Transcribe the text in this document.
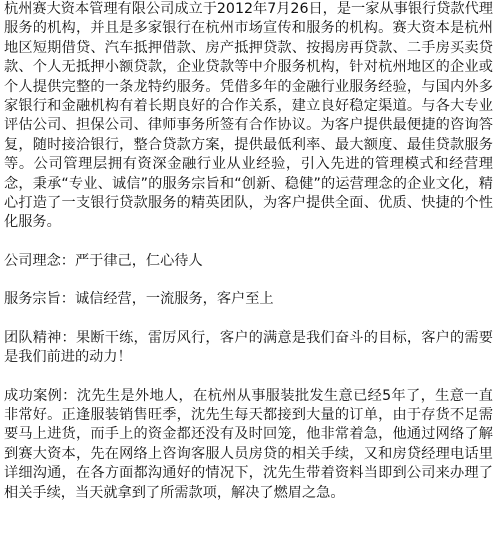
杭州赛大资本管理有限公司成立于2012年7月26日，是一家从事银行贷款代理服务的机构，并且是多家银行在杭州市场宣传和服务的机构。赛大资本是杭州地区短期借贷、汽车抵押借款、房产抵押贷款、按揭房再贷款、二手房买卖贷款、个人无抵押小额贷款，企业贷款等中介服务机构，针对杭州地区的企业或个人提供完整的一条龙特约服务。凭借多年的金融行业服务经验，与国内外多家银行和金融机构有着长期良好的合作关系，建立良好稳定渠道。与各大专业评估公司、担保公司、律师事务所签有合作协议。为客户提供最便捷的咨询答复，随时接洽银行，整合贷款方案，提供最低利率、最大额度、最佳贷款服务等。公司管理层拥有资深金融行业从业经验，引入先进的管理模式和经营理念，秉承“专业、诚信”的服务宗旨和“创新、稳健”的运营理念的企业文化，精心打造了一支银行贷款服务的精英团队，为客户提供全面、优质、快捷的个性化服务。

公司理念：严于律己，仁心待人

服务宗旨：诚信经营，一流服务，客户至上

团队精神：果断干练，雷厉风行，客户的满意是我们奋斗的目标，客户的需要是我们前进的动力！

成功案例：沈先生是外地人，在杭州从事服装批发生意已经5年了，生意一直非常好。正逢服装销售旺季，沈先生每天都接到大量的订单，由于存货不足需要马上进货，而手上的资金都还没有及时回笼，他非常着急，他通过网络了解到赛大资本，先在网络上咨询客服人员房贷的相关手续，又和房贷经理电话里详细沟通，在各方面都沟通好的情况下，沈先生带着资料当即到公司来办理了相关手续，当天就拿到了所需款项，解决了燃眉之急。
